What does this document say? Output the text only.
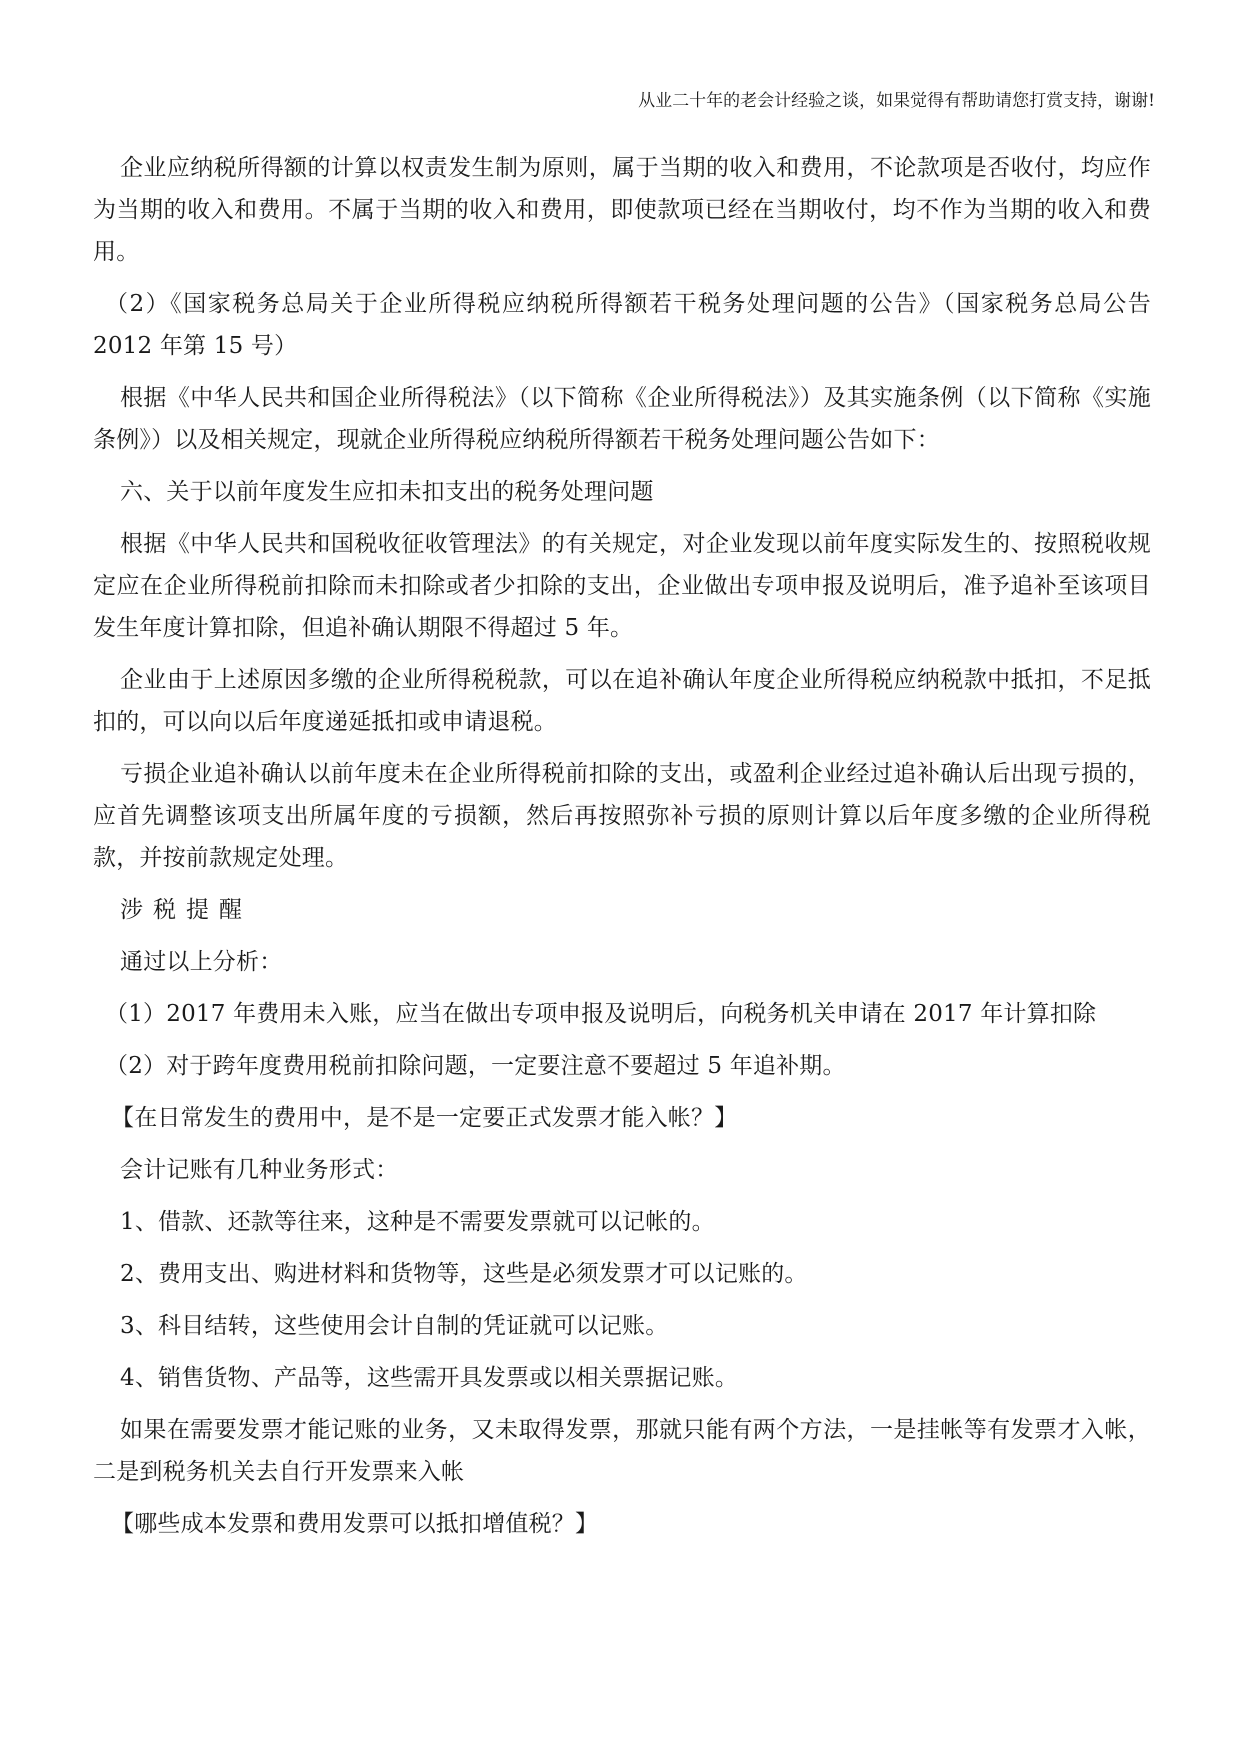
从业二十年的老会计经验之谈，如果觉得有帮助请您打赏支持，谢谢!

企业应纳税所得额的计算以权责发生制为原则，属于当期的收入和费用，不论款项是否收付，均应作为当期的收入和费用。不属于当期的收入和费用，即使款项已经在当期收付，均不作为当期的收入和费用。

（2）《国家税务总局关于企业所得税应纳税所得额若干税务处理问题的公告》（国家税务总局公告 2012 年第 15 号）

根据《中华人民共和国企业所得税法》（以下简称《企业所得税法》）及其实施条例（以下简称《实施条例》）以及相关规定，现就企业所得税应纳税所得额若干税务处理问题公告如下：

六、关于以前年度发生应扣未扣支出的税务处理问题

根据《中华人民共和国税收征收管理法》的有关规定，对企业发现以前年度实际发生的、按照税收规定应在企业所得税前扣除而未扣除或者少扣除的支出，企业做出专项申报及说明后，准予追补至该项目发生年度计算扣除，但追补确认期限不得超过 5 年。

企业由于上述原因多缴的企业所得税税款，可以在追补确认年度企业所得税应纳税款中抵扣，不足抵扣的，可以向以后年度递延抵扣或申请退税。

亏损企业追补确认以前年度未在企业所得税前扣除的支出，或盈利企业经过追补确认后出现亏损的，应首先调整该项支出所属年度的亏损额，然后再按照弥补亏损的原则计算以后年度多缴的企业所得税款，并按前款规定处理。

涉税提醒

通过以上分析：

（1）2017 年费用未入账，应当在做出专项申报及说明后，向税务机关申请在 2017 年计算扣除

（2）对于跨年度费用税前扣除问题，一定要注意不要超过 5 年追补期。

【在日常发生的费用中，是不是一定要正式发票才能入帐？】

会计记账有几种业务形式：

1、借款、还款等往来，这种是不需要发票就可以记帐的。

2、费用支出、购进材料和货物等，这些是必须发票才可以记账的。

3、科目结转，这些使用会计自制的凭证就可以记账。

4、销售货物、产品等，这些需开具发票或以相关票据记账。

如果在需要发票才能记账的业务，又未取得发票，那就只能有两个方法，一是挂帐等有发票才入帐，二是到税务机关去自行开发票来入帐

【哪些成本发票和费用发票可以抵扣增值税？】
